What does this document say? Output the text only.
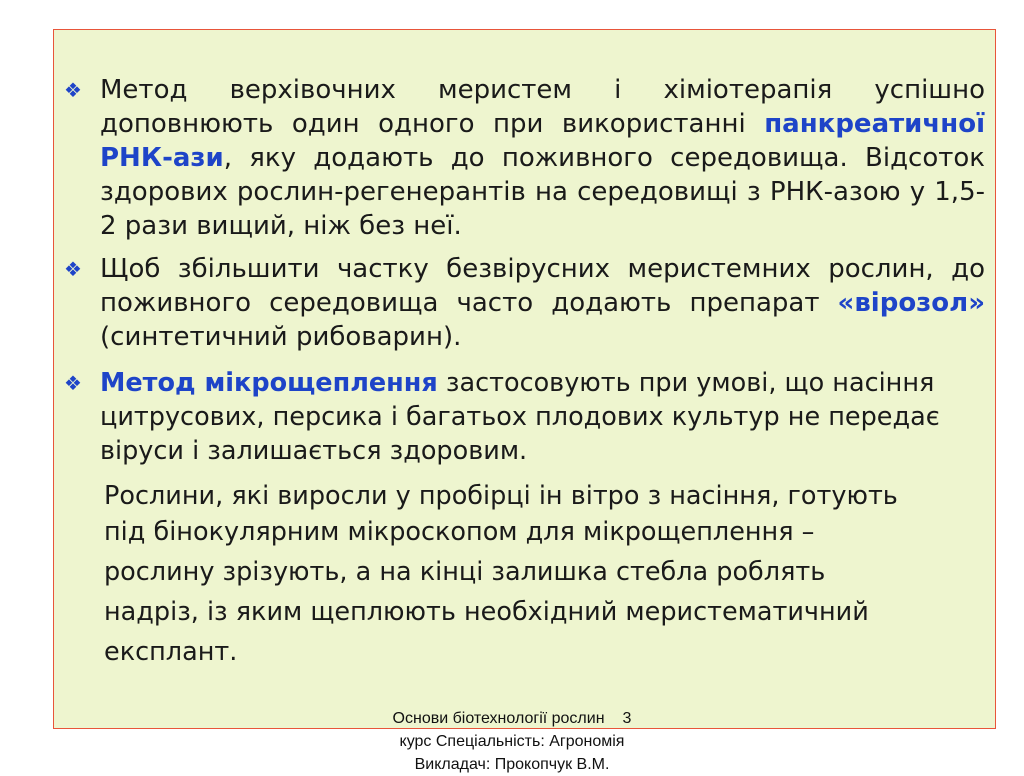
❖ Метод верхівочних меристем і хіміотерапія успішно доповнюють один одного при використанні панкреатичної РНК-ази, яку додають до поживного середовища. Відсоток здорових рослин-регенерантів на середовищі з РНК-азою у 1,5-2 рази вищий, ніж без неї.

❖ Щоб збільшити частку безвірусних меристемних рослин, до поживного середовища часто додають препарат «вірозол» (синтетичний рибоварин).

❖ Метод мікрощеплення застосовують при умові, що насіння цитрусових, персика і багатьох плодових культур не передає віруси і залишається здоровим.

Рослини, які виросли у пробірці ін вітро з насіння, готують
під бінокулярним мікроскопом для мікрощеплення –
рослину зрізують, а на кінці залишка стебла роблять
надріз, із яким щеплюють необхідний меристематичний
експлант.
Основи біотехнології рослин 3
курс Спеціальність: Агрономія
Викладач: Прокопчук В.М.
